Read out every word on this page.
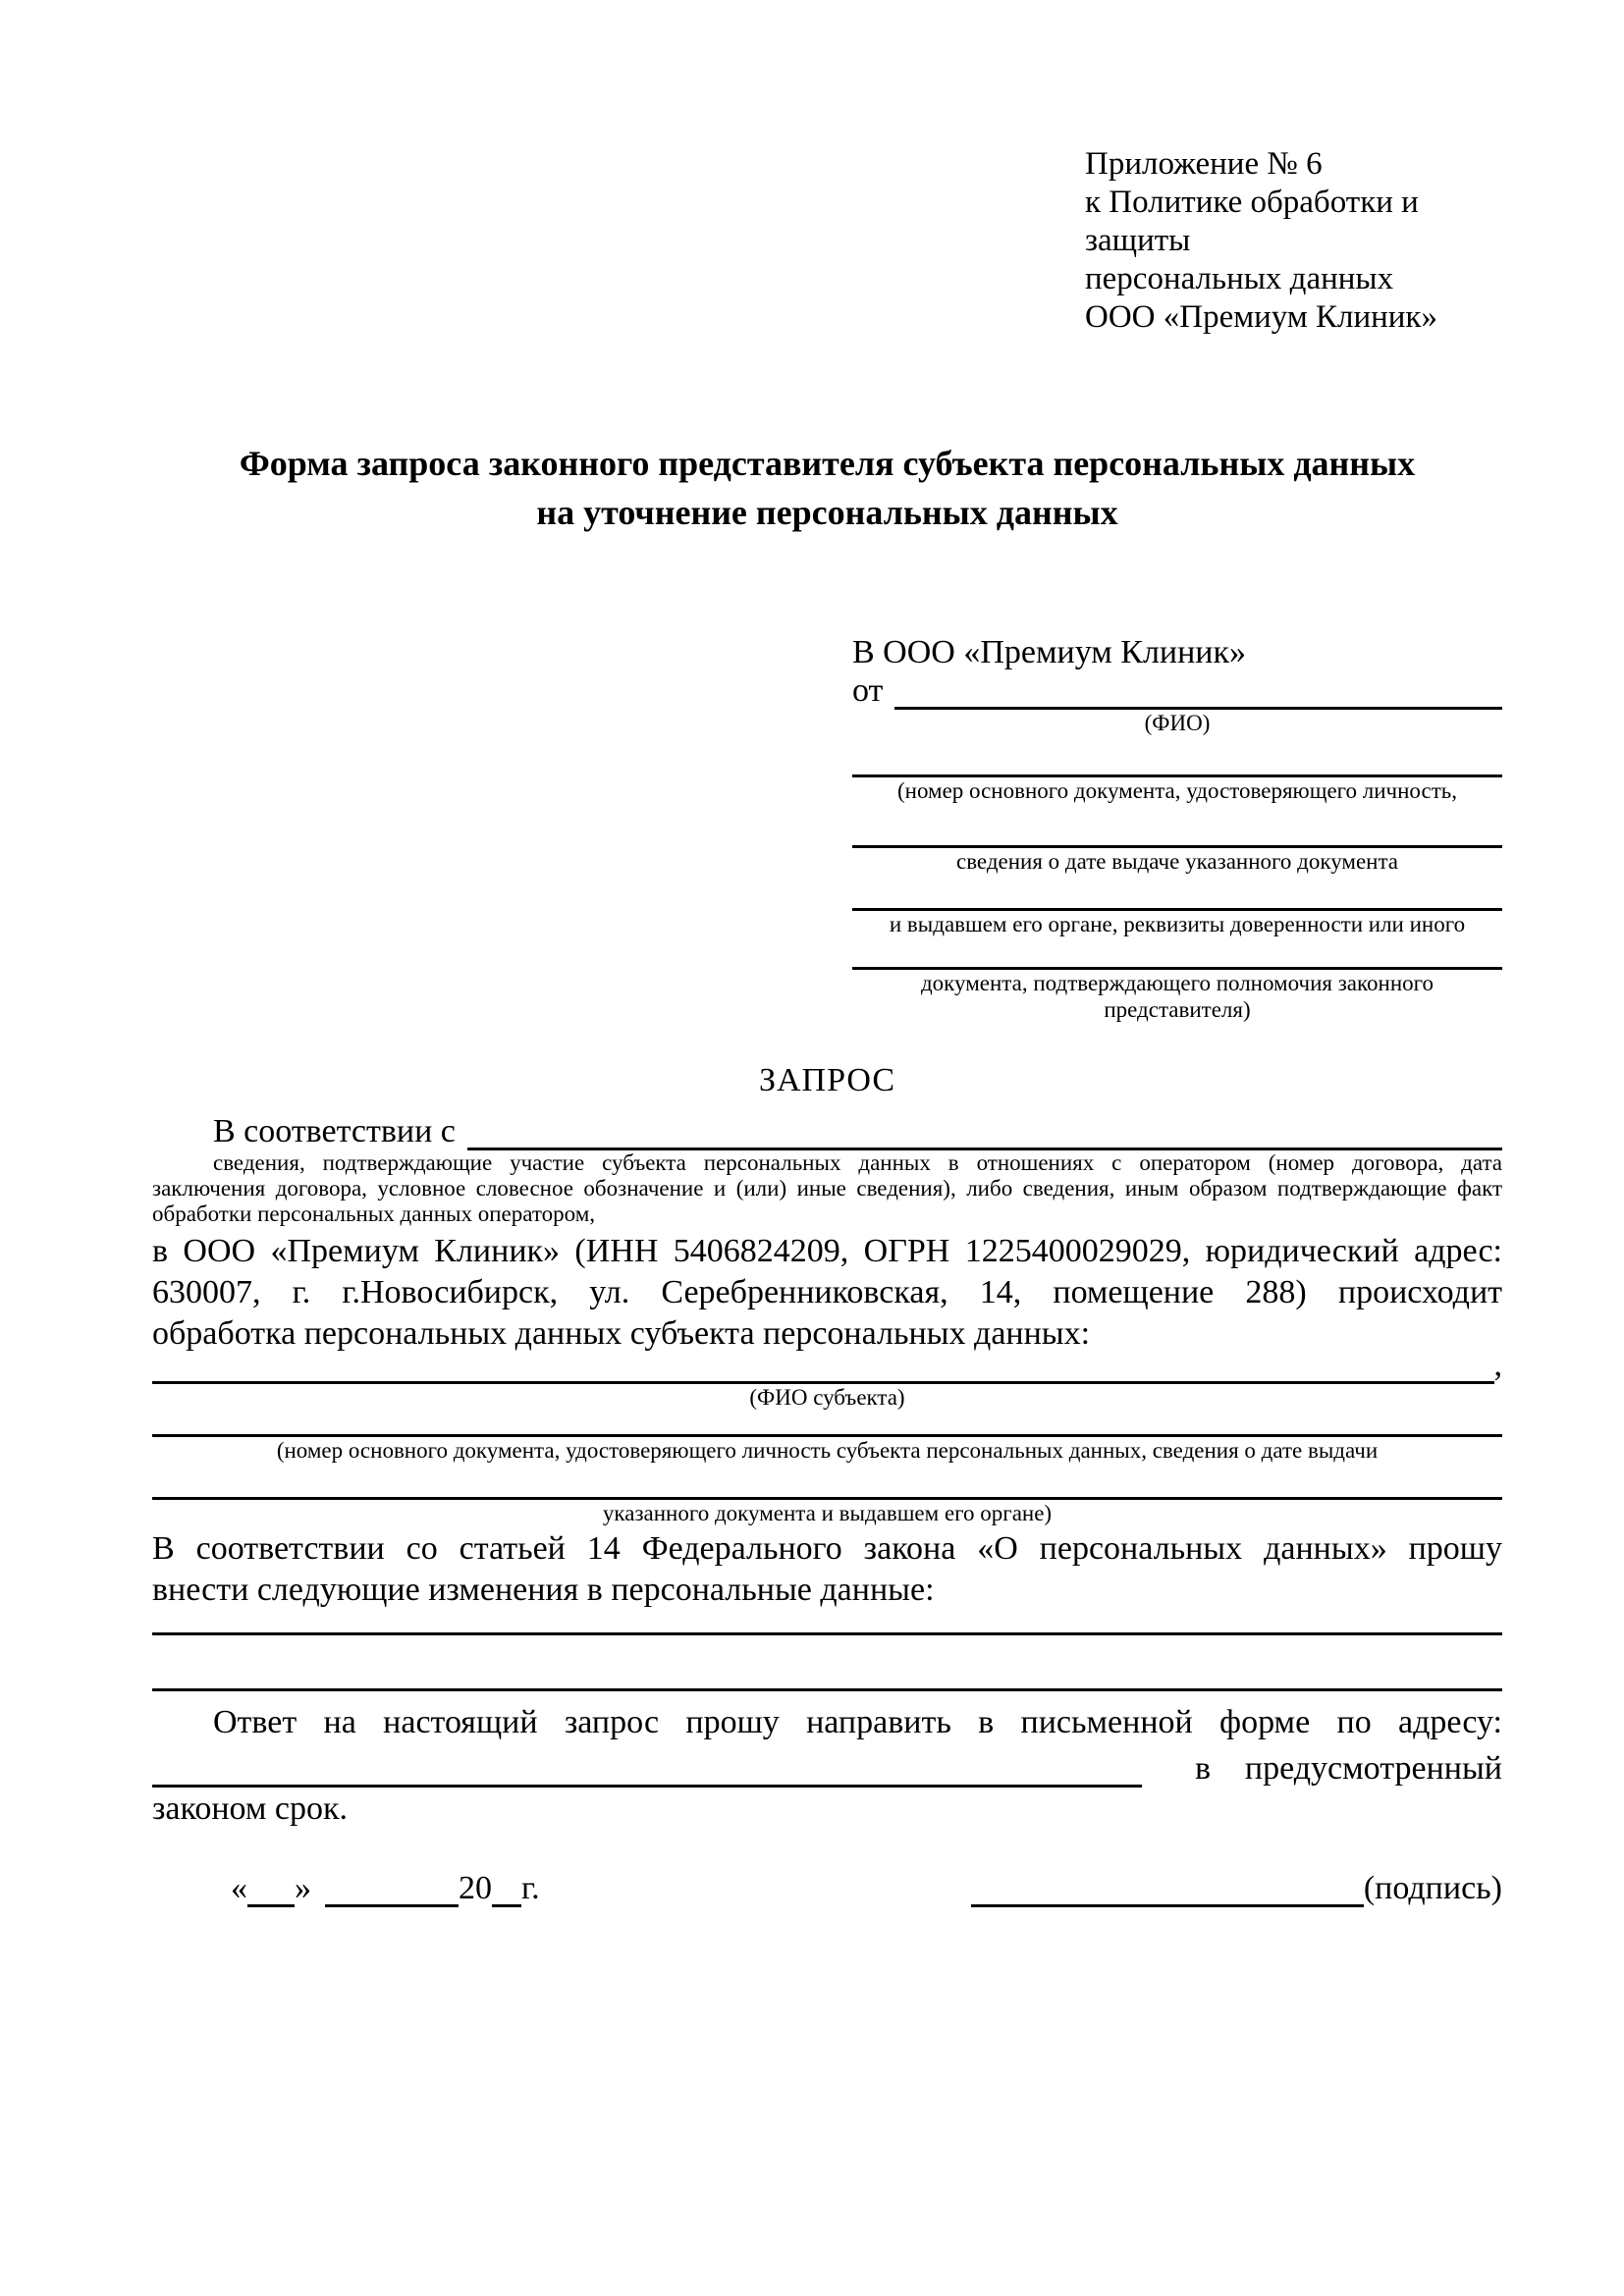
Приложение № 6
к Политике обработки и защиты
персональных данных
ООО «Премиум Клиник»
Форма запроса законного представителя субъекта персональных данных
на уточнение персональных данных
В ООО «Премиум Клиник»
от
(ФИО)
(номер основного документа, удостоверяющего личность,
сведения о дате выдаче указанного документа
и выдавшем его органе, реквизиты доверенности или иного
документа, подтверждающего полномочия законного представителя)
ЗАПРОС
В соответствии с
сведения, подтверждающие участие субъекта персональных данных в отношениях с оператором (номер договора, дата
заключения договора, условное словесное обозначение и (или) иные сведения), либо сведения, иным образом подтверждающие факт
обработки персональных данных оператором,
в ООО «Премиум Клиник» (ИНН 5406824209, ОГРН 1225400029029, юридический адрес:
630007, г. г.Новосибирск, ул. Серебренниковская, 14, помещение 288) происходит
обработка персональных данных субъекта персональных данных:
,
(ФИО субъекта)
(номер основного документа, удостоверяющего личность субъекта персональных данных, сведения о дате выдачи
указанного документа и выдавшем его органе)
В соответствии со статьей 14 Федерального закона «О персональных данных» прошу
внести следующие изменения в персональные данные:
Ответ на настоящий запрос прошу направить в письменной форме по адресу:
в предусмотренный
законом срок.
« »	20 г.	(подпись)
